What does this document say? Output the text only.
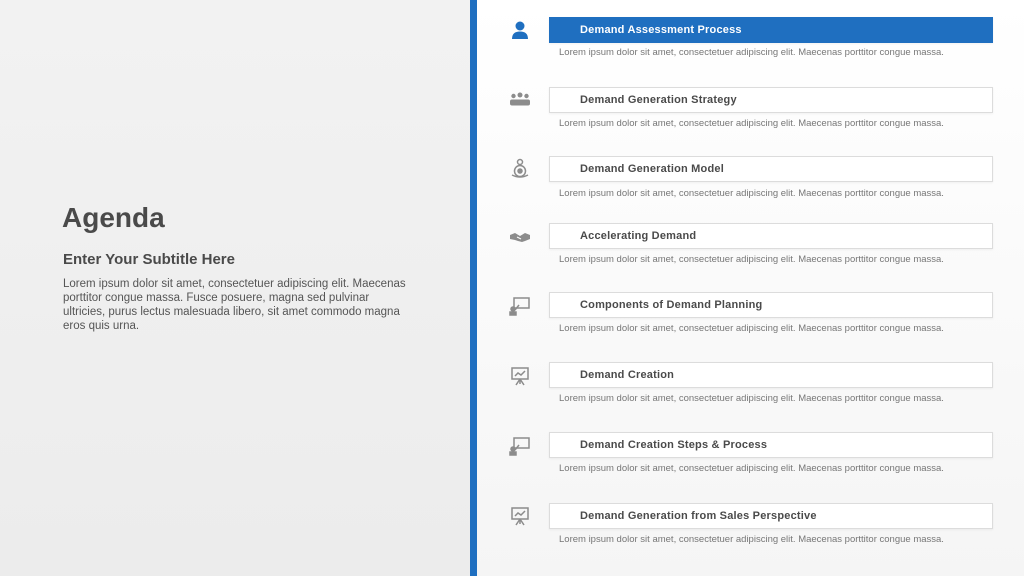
Agenda
Enter Your Subtitle Here
Lorem ipsum dolor sit amet, consectetuer adipiscing elit. Maecenas porttitor congue massa. Fusce posuere, magna sed pulvinar ultricies, purus lectus malesuada libero, sit amet commodo magna eros quis urna.
Demand Assessment Process
Lorem ipsum dolor sit amet, consectetuer adipiscing elit. Maecenas porttitor congue massa.
Demand Generation Strategy
Lorem ipsum dolor sit amet, consectetuer adipiscing elit. Maecenas porttitor congue massa.
Demand Generation Model
Lorem ipsum dolor sit amet, consectetuer adipiscing elit. Maecenas porttitor congue massa.
Accelerating Demand
Lorem ipsum dolor sit amet, consectetuer adipiscing elit. Maecenas porttitor congue massa.
Components of Demand Planning
Lorem ipsum dolor sit amet, consectetuer adipiscing elit. Maecenas porttitor congue massa.
Demand Creation
Lorem ipsum dolor sit amet, consectetuer adipiscing elit. Maecenas porttitor congue massa.
Demand Creation Steps & Process
Lorem ipsum dolor sit amet, consectetuer adipiscing elit. Maecenas porttitor congue massa.
Demand Generation from Sales Perspective
Lorem ipsum dolor sit amet, consectetuer adipiscing elit. Maecenas porttitor congue massa.
